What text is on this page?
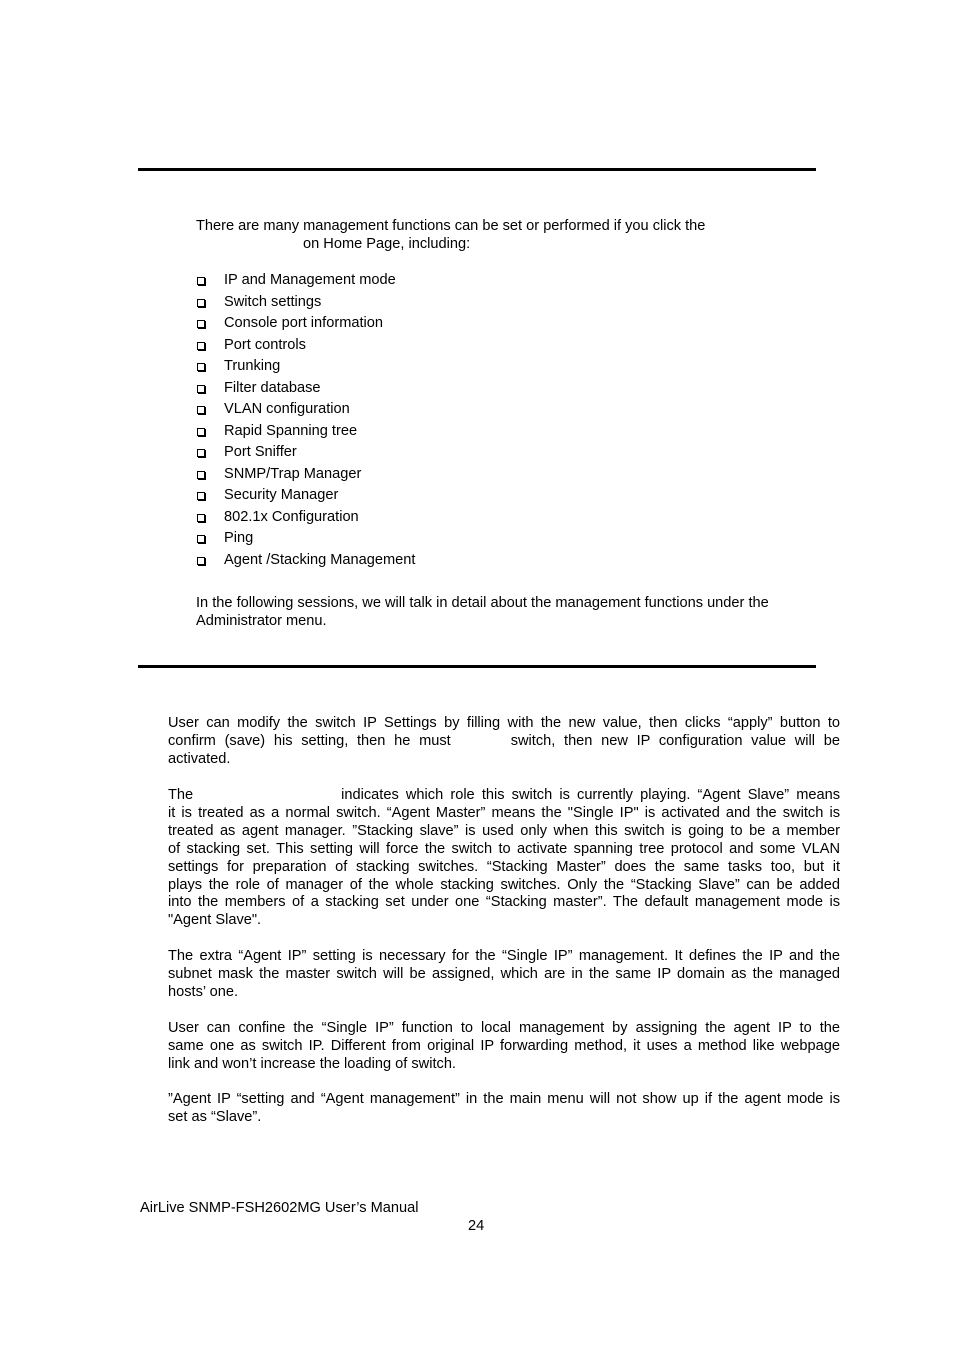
There are many management functions can be set or performed if you click the
on Home Page, including:
IP and Management mode
Switch settings
Console port information
Port controls
Trunking
Filter database
VLAN configuration
Rapid Spanning tree
Port Sniffer
SNMP/Trap Manager
Security Manager
802.1x Configuration
Ping
Agent /Stacking Management
In the following sessions, we will talk in detail about the management functions under the
Administrator menu.
User can modify the switch IP Settings by filling with the new value, then clicks “apply” button to
confirm (save) his setting, then he must	switch, then new IP configuration value will be
activated.
The	indicates which role this switch is currently playing. “Agent Slave” means
it is treated as a normal switch. “Agent Master” means the "Single IP" is activated and the switch is
treated as agent manager. ”Stacking slave” is used only when this switch is going to be a member
of stacking set. This setting will force the switch to activate spanning tree protocol and some VLAN
settings for preparation of stacking switches. “Stacking Master” does the same tasks too, but it
plays the role of manager of the whole stacking switches. Only the “Stacking Slave” can be added
into the members of a stacking set under one “Stacking master”. The default management mode is
"Agent Slave".
The extra “Agent IP” setting is necessary for the “Single IP” management. It defines the IP and the
subnet mask the master switch will be assigned, which are in the same IP domain as the managed
hosts’ one.
User can confine the “Single IP” function to local management by assigning the agent IP to the
same one as switch IP. Different from original IP forwarding method, it uses a method like webpage
link and won’t increase the loading of switch.
”Agent IP “setting and “Agent management” in the main menu will not show up if the agent mode is
set as “Slave”.
AirLive SNMP-FSH2602MG User’s Manual
24
